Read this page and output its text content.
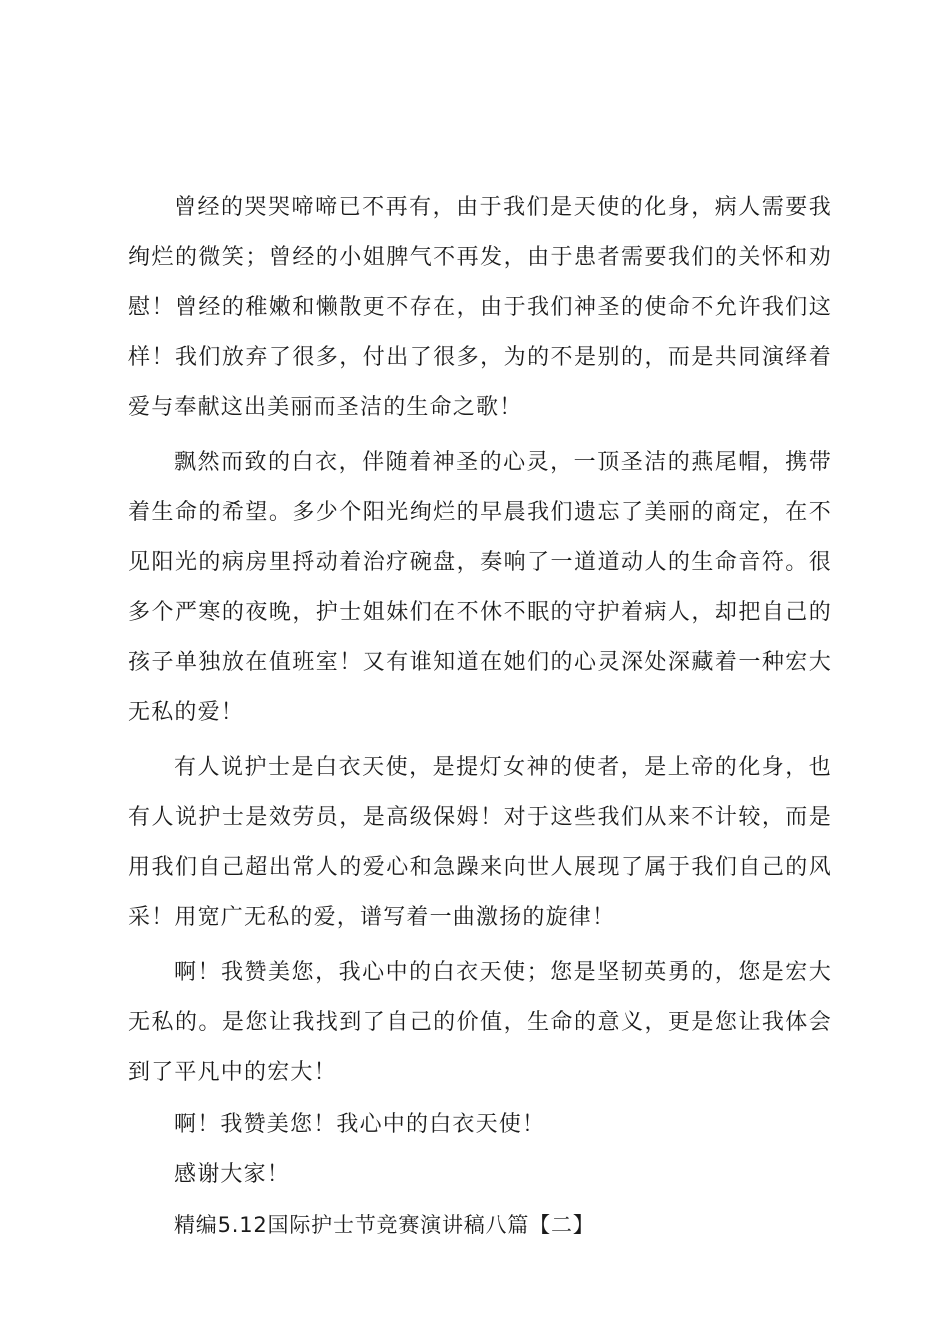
曾经的哭哭啼啼已不再有，由于我们是天使的化身，病人需要我绚烂的微笑；曾经的小姐脾气不再发，由于患者需要我们的关怀和劝慰！曾经的稚嫩和懒散更不存在，由于我们神圣的使命不允许我们这样！我们放弃了很多，付出了很多，为的不是别的，而是共同演绎着爱与奉献这出美丽而圣洁的生命之歌！

飘然而致的白衣，伴随着神圣的心灵，一顶圣洁的燕尾帽，携带着生命的希望。多少个阳光绚烂的早晨我们遗忘了美丽的商定，在不见阳光的病房里捋动着治疗碗盘，奏响了一道道动人的生命音符。很多个严寒的夜晚，护士姐妹们在不休不眠的守护着病人，却把自己的孩子单独放在值班室！又有谁知道在她们的心灵深处深藏着一种宏大无私的爱！

有人说护士是白衣天使，是提灯女神的使者，是上帝的化身，也有人说护士是效劳员，是高级保姆！对于这些我们从来不计较，而是用我们自己超出常人的爱心和急躁来向世人展现了属于我们自己的风采！用宽广无私的爱，谱写着一曲激扬的旋律！

啊！我赞美您，我心中的白衣天使；您是坚韧英勇的，您是宏大无私的。是您让我找到了自己的价值，生命的意义，更是您让我体会到了平凡中的宏大！

啊！我赞美您！我心中的白衣天使！

感谢大家！

精编5.12国际护士节竞赛演讲稿八篇【二】
